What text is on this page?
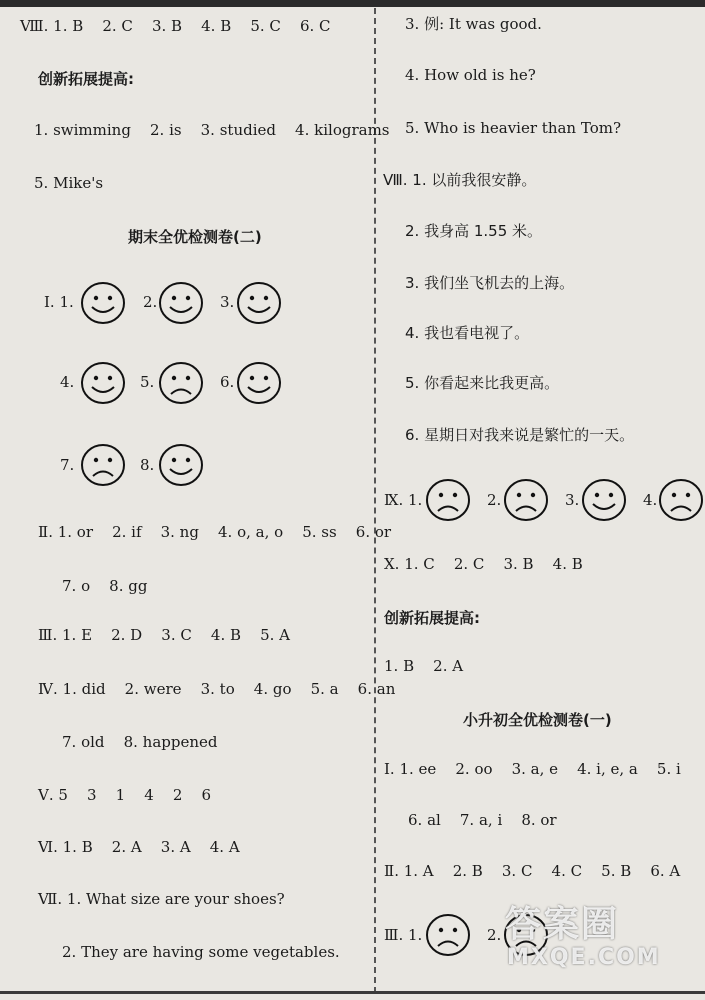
Ⅷ. 1. B    2. C    3. B    4. B    5. C    6. C
创新拓展提高:
1. swimming    2. is    3. studied    4. kilograms
5. Mike's
期末全优检测卷(二)
Ⅰ. 1.	2.	3.
4.	5.	6.
7.	8.
Ⅱ. 1. or    2. if    3. ng    4. o, a, o    5. ss    6. or
7. o    8. gg
Ⅲ. 1. E    2. D    3. C    4. B    5. A
Ⅳ. 1. did    2. were    3. to    4. go    5. a    6. an
7. old    8. happened
Ⅴ. 5    3    1    4    2    6
Ⅵ. 1. B    2. A    3. A    4. A
Ⅶ. 1. What size are your shoes?
2. They are having some vegetables.
3. 例: It was good.
4. How old is he?
5. Who is heavier than Tom?
Ⅷ. 1. 以前我很安静。
2. 我身高 1.55 米。
3. 我们坐飞机去的上海。
4. 我也看电视了。
5. 你看起来比我更高。
6. 星期日对我来说是繁忙的一天。
Ⅸ. 1.	2.	3.	4.
Ⅹ. 1. C    2. C    3. B    4. B
创新拓展提高:
1. B    2. A
小升初全优检测卷(一)
Ⅰ. 1. ee    2. oo    3. a, e    4. i, e, a    5. i
6. al    7. a, i    8. or
Ⅱ. 1. A    2. B    3. C    4. C    5. B    6. A
Ⅲ. 1.	2. 答案圈
MXQE.COM
